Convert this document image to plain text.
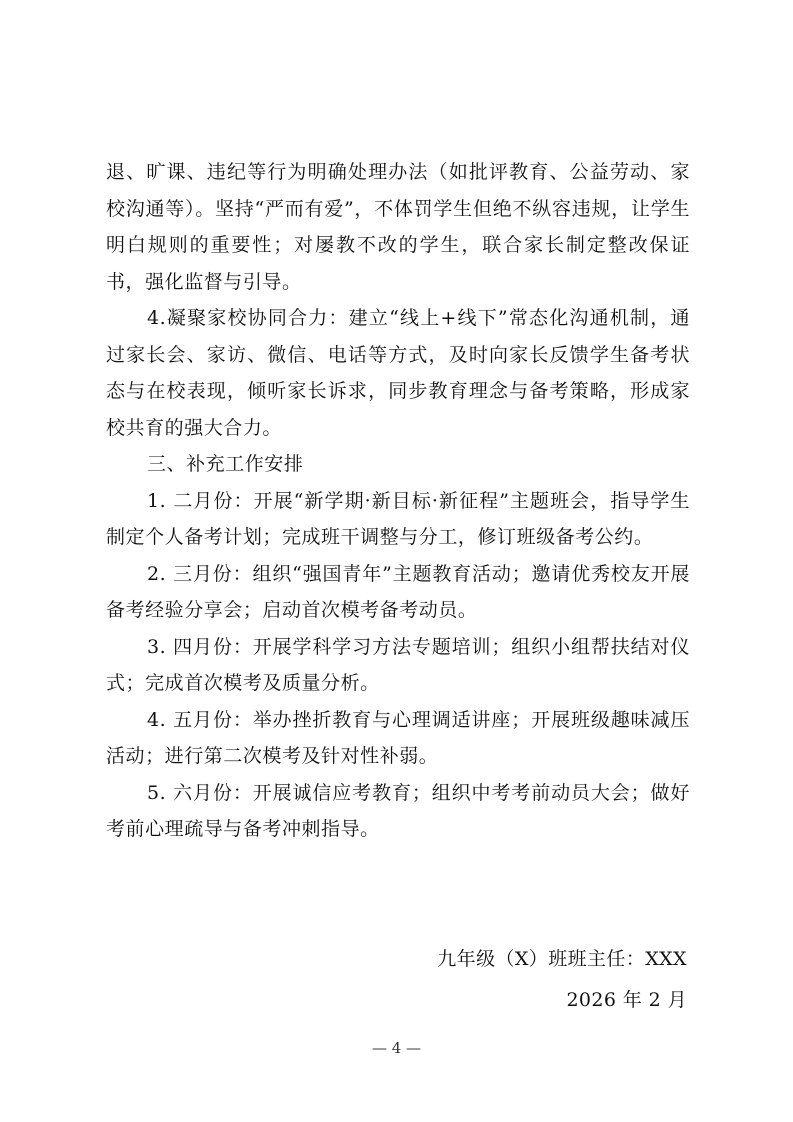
退、旷课、违纪等行为明确处理办法（如批评教育、公益劳动、家校沟通等）。坚持“严而有爱”，不体罚学生但绝不纵容违规，让学生明白规则的重要性；对屡教不改的学生，联合家长制定整改保证书，强化监督与引导。

4.凝聚家校协同合力：建立“线上+线下”常态化沟通机制，通过家长会、家访、微信、电话等方式，及时向家长反馈学生备考状态与在校表现，倾听家长诉求，同步教育理念与备考策略，形成家校共育的强大合力。

三、补充工作安排

1. 二月份：开展“新学期·新目标·新征程”主题班会，指导学生制定个人备考计划；完成班干调整与分工，修订班级备考公约。

2. 三月份：组织“强国青年”主题教育活动；邀请优秀校友开展备考经验分享会；启动首次模考备考动员。

3. 四月份：开展学科学习方法专题培训；组织小组帮扶结对仪式；完成首次模考及质量分析。

4. 五月份：举办挫折教育与心理调适讲座；开展班级趣味减压活动；进行第二次模考及针对性补弱。

5. 六月份：开展诚信应考教育；组织中考考前动员大会；做好考前心理疏导与备考冲刺指导。

九年级（X）班班主任：XXX
2026 年 2 月
— 4 —
